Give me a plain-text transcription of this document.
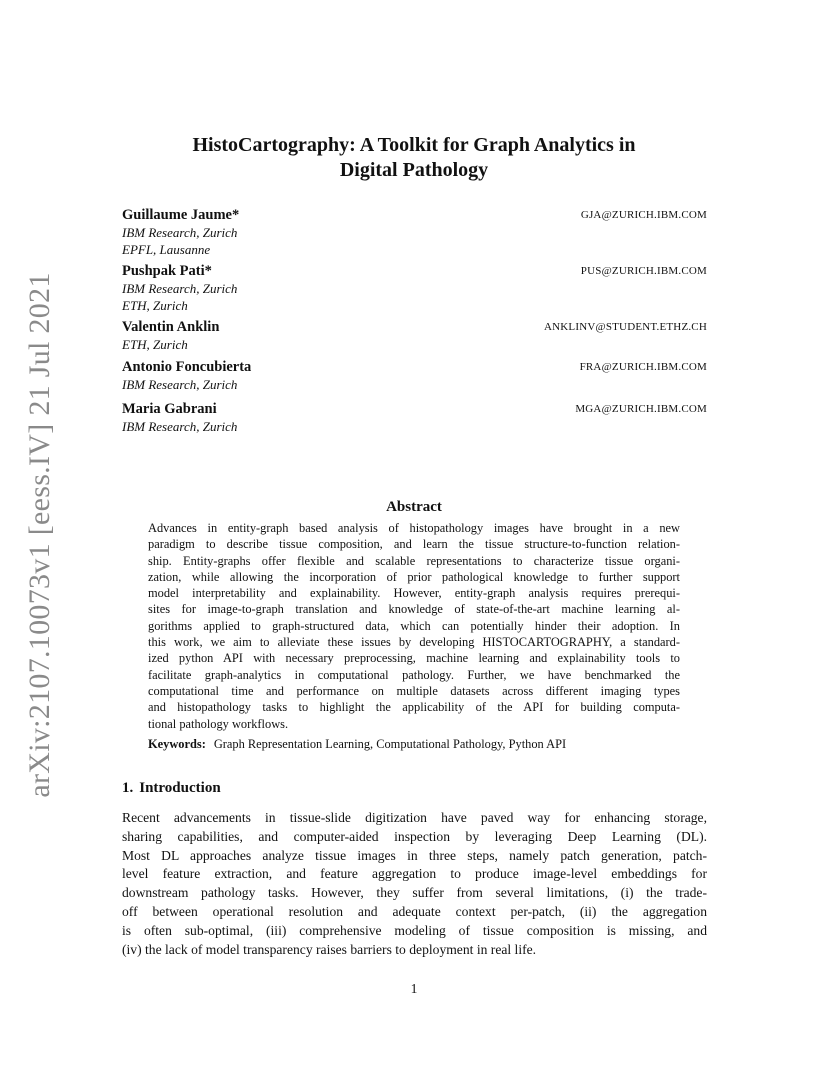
arXiv:2107.10073v1 [eess.IV] 21 Jul 2021
HistoCartography: A Toolkit for Graph Analytics in
Digital Pathology
Guillaume Jaume*	GJA@ZURICH.IBM.COM
IBM Research, Zurich
EPFL, Lausanne
Pushpak Pati*	PUS@ZURICH.IBM.COM
IBM Research, Zurich
ETH, Zurich
Valentin Anklin	ANKLINV@STUDENT.ETHZ.CH
ETH, Zurich
Antonio Foncubierta	FRA@ZURICH.IBM.COM
IBM Research, Zurich
Maria Gabrani	MGA@ZURICH.IBM.COM
IBM Research, Zurich
Abstract
Advances in entity-graph based analysis of histopathology images have brought in a new
paradigm to describe tissue composition, and learn the tissue structure-to-function relation-
ship. Entity-graphs offer flexible and scalable representations to characterize tissue organi-
zation, while allowing the incorporation of prior pathological knowledge to further support
model interpretability and explainability. However, entity-graph analysis requires prerequi-
sites for image-to-graph translation and knowledge of state-of-the-art machine learning al-
gorithms applied to graph-structured data, which can potentially hinder their adoption. In
this work, we aim to alleviate these issues by developing HISTOCARTOGRAPHY, a standard-
ized python API with necessary preprocessing, machine learning and explainability tools to
facilitate graph-analytics in computational pathology. Further, we have benchmarked the
computational time and performance on multiple datasets across different imaging types
and histopathology tasks to highlight the applicability of the API for building computa-
tional pathology workflows.
Keywords: Graph Representation Learning, Computational Pathology, Python API
1. Introduction
Recent advancements in tissue-slide digitization have paved way for enhancing storage,
sharing capabilities, and computer-aided inspection by leveraging Deep Learning (DL).
Most DL approaches analyze tissue images in three steps, namely patch generation, patch-
level feature extraction, and feature aggregation to produce image-level embeddings for
downstream pathology tasks. However, they suffer from several limitations, (i) the trade-
off between operational resolution and adequate context per-patch, (ii) the aggregation
is often sub-optimal, (iii) comprehensive modeling of tissue composition is missing, and
(iv) the lack of model transparency raises barriers to deployment in real life.
1
